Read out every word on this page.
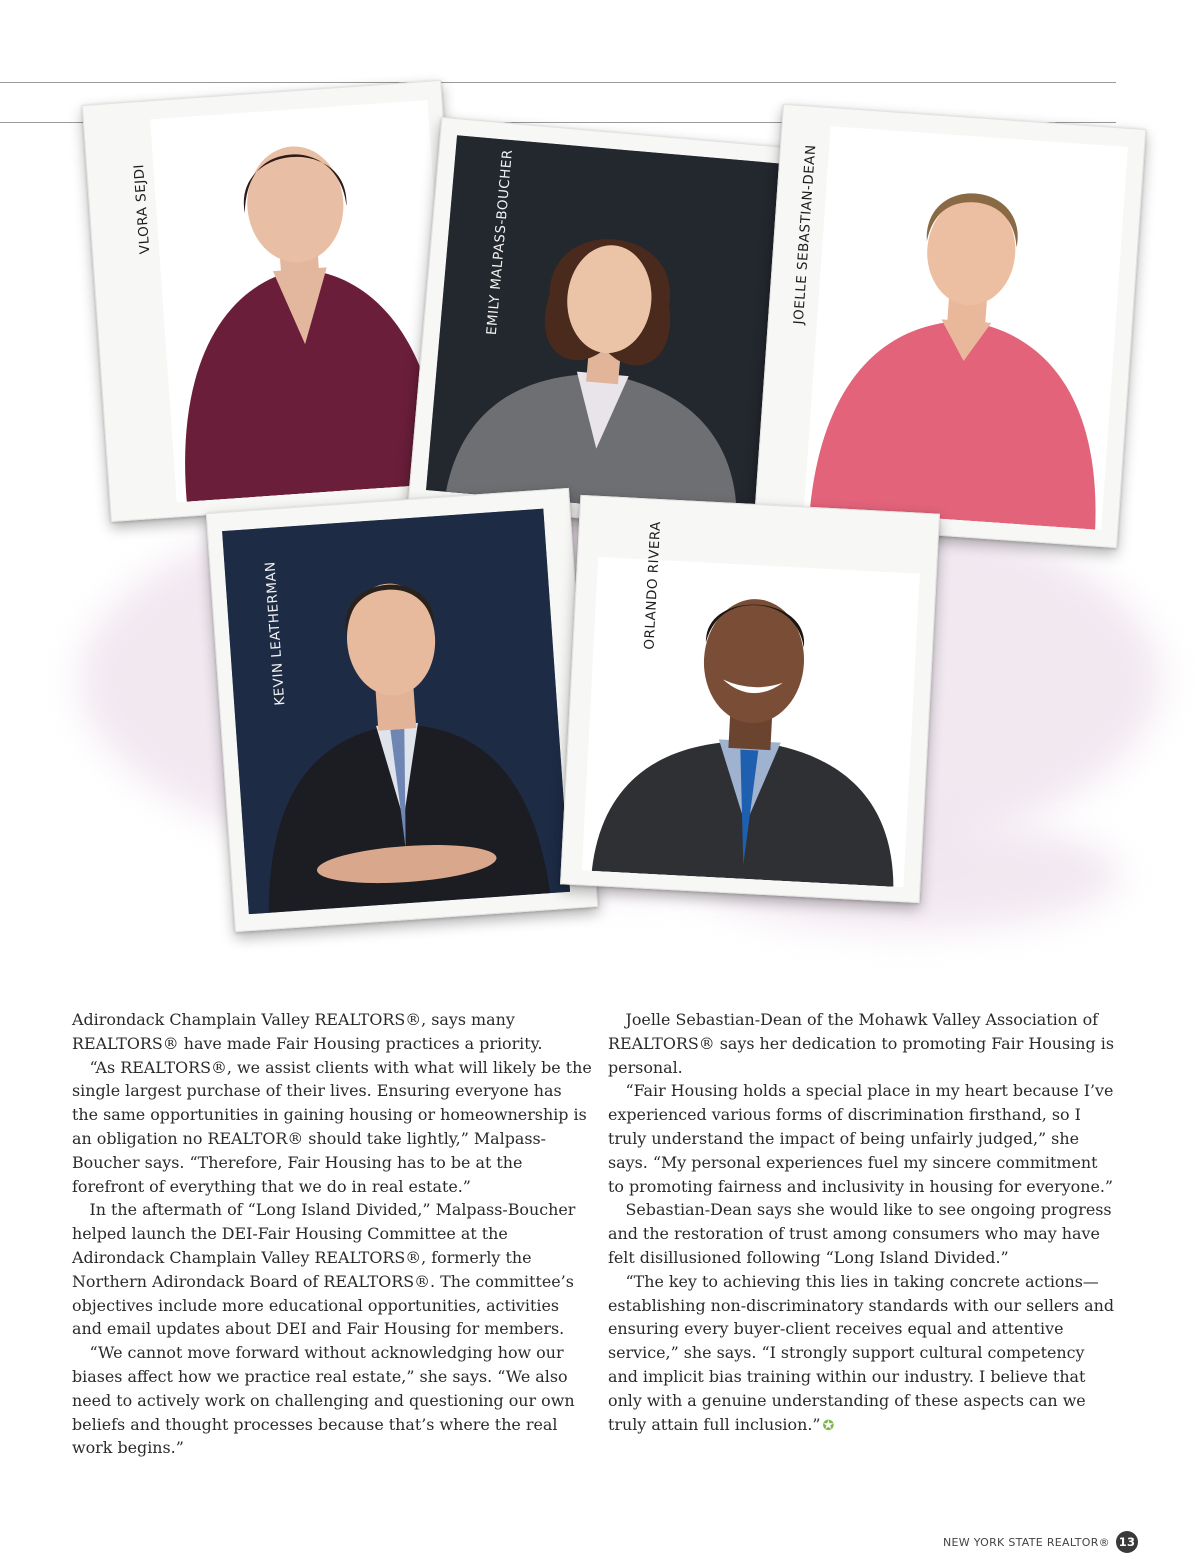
VLORA SEJDI	EMILY MALPASS-BOUCHER	JOELLE SEBASTIAN-DEAN
KEVIN LEATHERMAN	ORLANDO RIVERA

Adirondack Champlain Valley REALTORS®, says many REALTORS® have made Fair Housing practices a priority.

“As REALTORS®, we assist clients with what will likely be the single largest purchase of their lives. Ensuring everyone has the same opportunities in gaining housing or homeownership is an obligation no REALTOR® should take lightly,” Malpass-Boucher says. “Therefore, Fair Housing has to be at the forefront of everything that we do in real estate.”

In the aftermath of “Long Island Divided,” Malpass-Boucher helped launch the DEI-Fair Housing Committee at the Adirondack Champlain Valley REALTORS®, formerly the Northern Adirondack Board of REALTORS®. The committee’s objectives include more educational opportunities, activities and email updates about DEI and Fair Housing for members.

“We cannot move forward without acknowledging how our biases affect how we practice real estate,” she says. “We also need to actively work on challenging and questioning our own beliefs and thought processes because that’s where the real work begins.”

Joelle Sebastian-Dean of the Mohawk Valley Association of REALTORS® says her dedication to promoting Fair Housing is personal.

“Fair Housing holds a special place in my heart because I’ve experienced various forms of discrimination firsthand, so I truly understand the impact of being unfairly judged,” she says. “My personal experiences fuel my sincere commitment to promoting fairness and inclusivity in housing for everyone.”

Sebastian-Dean says she would like to see ongoing progress and the restoration of trust among consumers who may have felt disillusioned following “Long Island Divided.”

“The key to achieving this lies in taking concrete actions—establishing non-discriminatory standards with our sellers and ensuring every buyer-client receives equal and attentive service,” she says. “I strongly support cultural competency and implicit bias training within our industry. I believe that only with a genuine understanding of these aspects can we truly attain full inclusion.” ✪

NEW YORK STATE REALTOR® 13
